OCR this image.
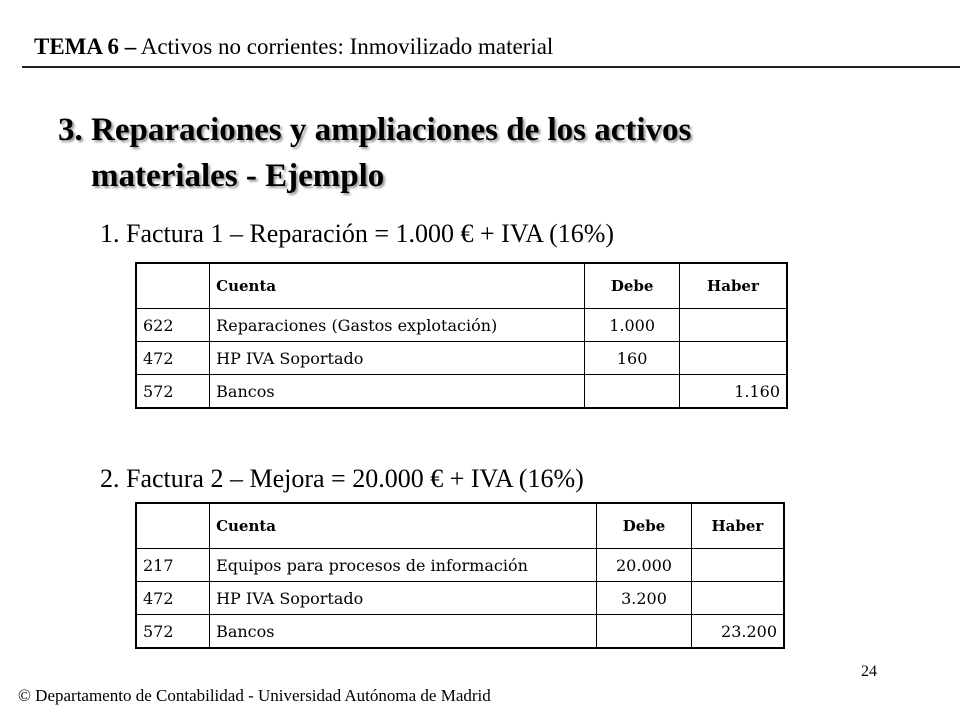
TEMA 6 – Activos no corrientes: Inmovilizado material
3. Reparaciones y ampliaciones de los activos
materiales - Ejemplo
1. Factura 1 – Reparación = 1.000 € + IVA (16%)
	Cuenta	Debe	Haber
622	Reparaciones (Gastos explotación)	1.000	
472	HP IVA Soportado	160	
572	Bancos		1.160
2. Factura 2 – Mejora = 20.000 € + IVA (16%)
	Cuenta	Debe	Haber
217	Equipos para procesos de información	20.000	
472	HP IVA Soportado	3.200	
572	Bancos		23.200
24
© Departamento de Contabilidad - Universidad Autónoma de Madrid
